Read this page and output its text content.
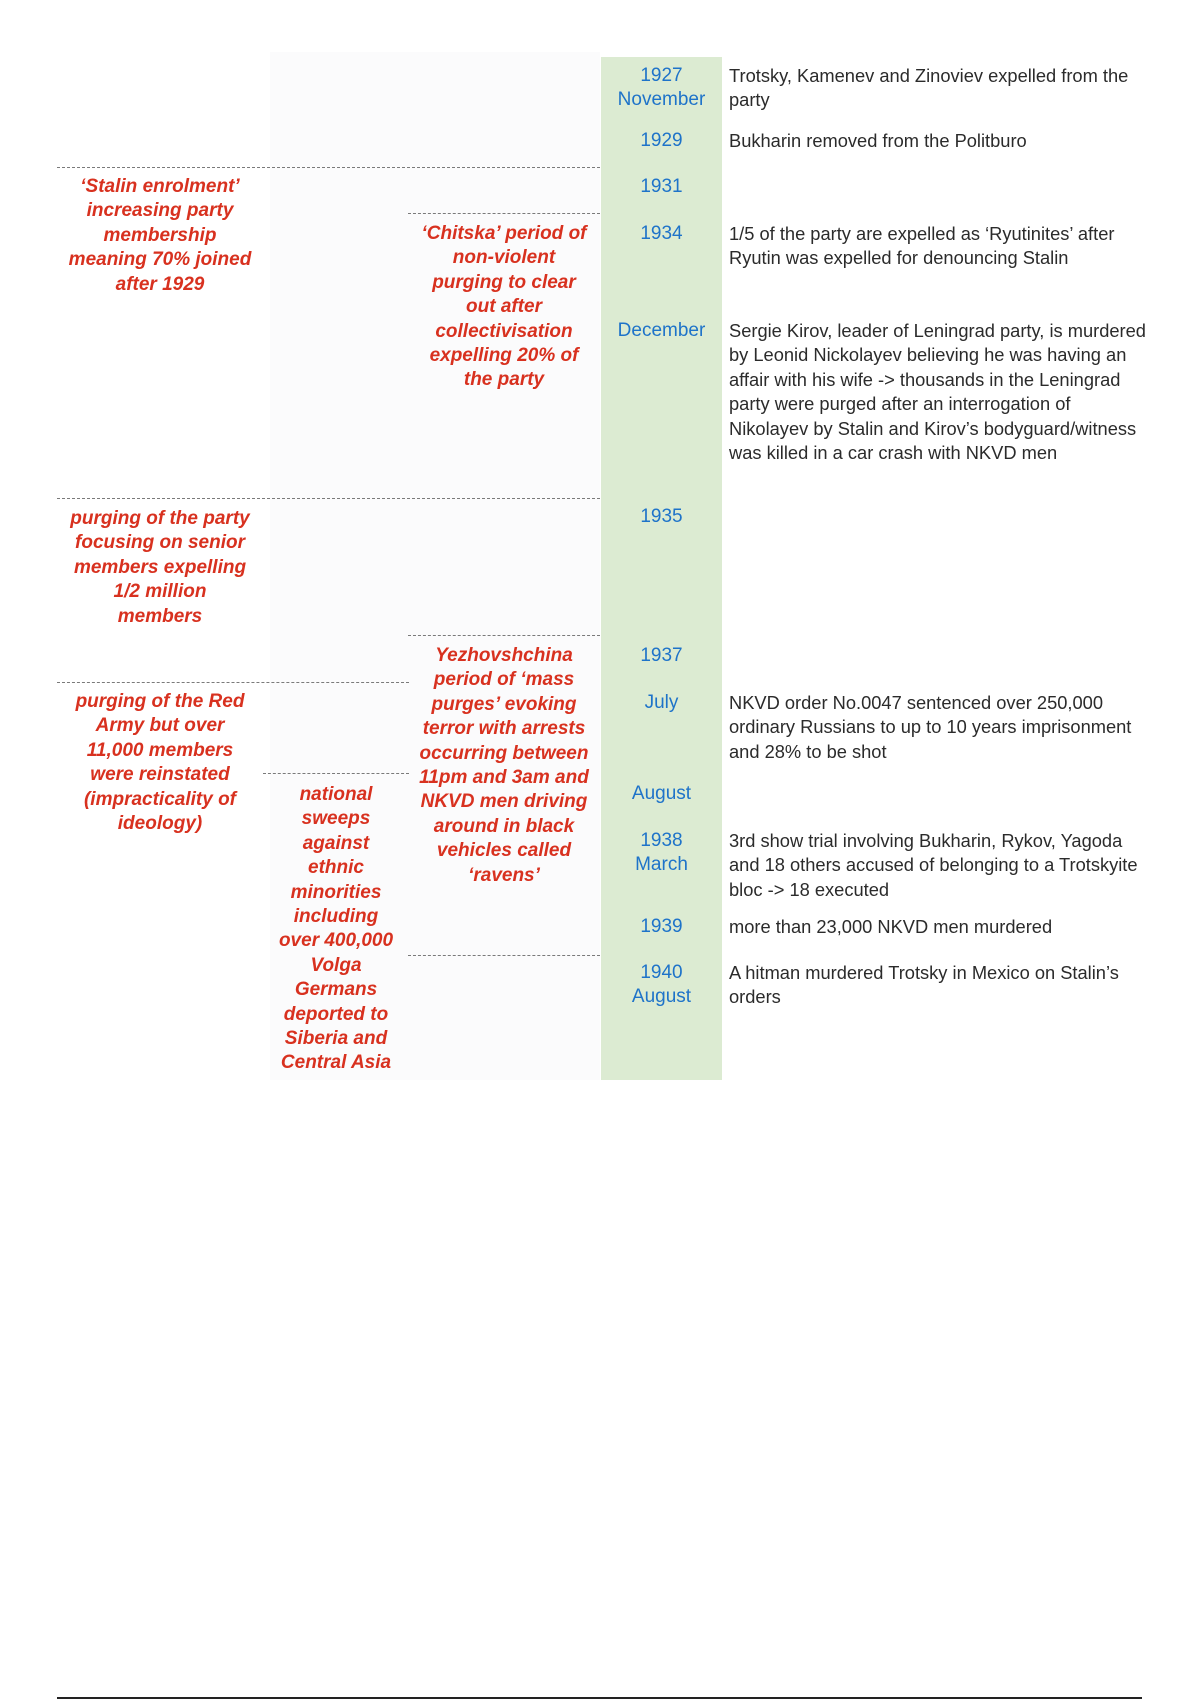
‘Stalin enrolment’ increasing party membership meaning 70% joined after 1929
‘Chitska’ period of non-violent purging to clear out after collectivisation expelling 20% of the party
purging of the party focusing on senior members expelling 1/2 million members
Yezhovshchina period of ‘mass purges’ evoking terror with arrests occurring between 11pm and 3am and NKVD men driving around in black vehicles called ‘ravens’
purging of the Red Army but over 11,000 members were reinstated (impracticality of ideology)
national sweeps against ethnic minorities including over 400,000 Volga Germans deported to Siberia and Central Asia
1927
November
1929
1931
1934
December
1935
1937
July
August
1938
March
1939
1940
August
Trotsky, Kamenev and Zinoviev expelled from the party
Bukharin removed from the Politburo
1/5 of the party are expelled as ‘Ryutinites’ after Ryutin was expelled for denouncing Stalin
Sergie Kirov, leader of Leningrad party, is murdered by Leonid Nickolayev believing he was having an affair with his wife -> thousands in the Leningrad party were purged after an interrogation of Nikolayev by Stalin and Kirov’s bodyguard/witness was killed in a car crash with NKVD men
NKVD order No.0047 sentenced over 250,000 ordinary Russians to up to 10 years imprisonment and 28% to be shot
3rd show trial involving Bukharin, Rykov, Yagoda and 18 others accused of belonging to a Trotskyite bloc -> 18 executed
more than 23,000 NKVD men murdered
A hitman murdered Trotsky in Mexico on Stalin’s orders
